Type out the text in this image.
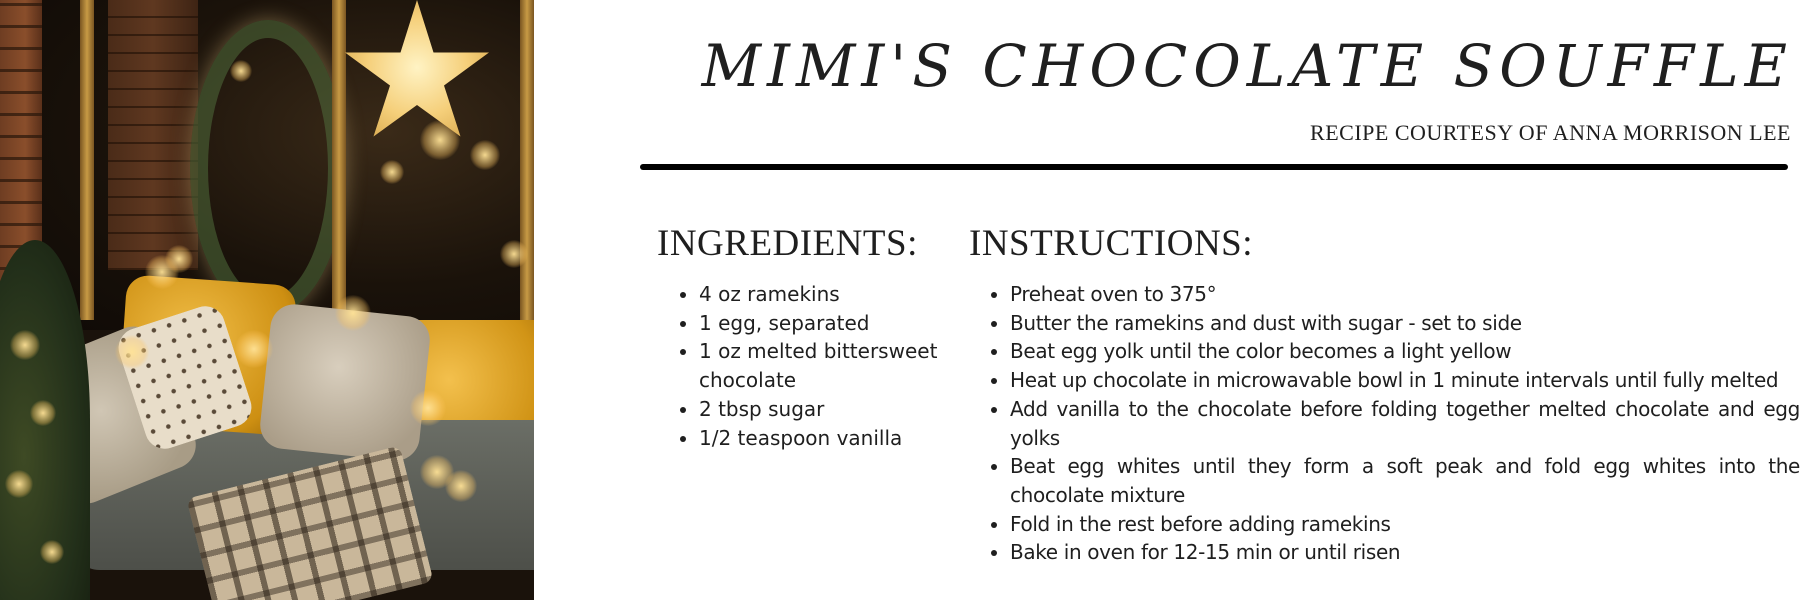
MIMI'S CHOCOLATE SOUFFLE

RECIPE COURTESY OF ANNA MORRISON LEE

INGREDIENTS:
• 4 oz ramekins
• 1 egg, separated
• 1 oz melted bittersweet chocolate
• 2 tbsp sugar
• 1/2 teaspoon vanilla
INSTRUCTIONS:
• Preheat oven to 375°
• Butter the ramekins and dust with sugar - set to side
• Beat egg yolk until the color becomes a light yellow
• Heat up chocolate in microwavable bowl in 1 minute intervals until fully melted
• Add vanilla to the chocolate before folding together melted chocolate and egg yolks
• Beat egg whites until they form a soft peak and fold egg whites into the chocolate mixture
• Fold in the rest before adding ramekins
• Bake in oven for 12-15 min or until risen
